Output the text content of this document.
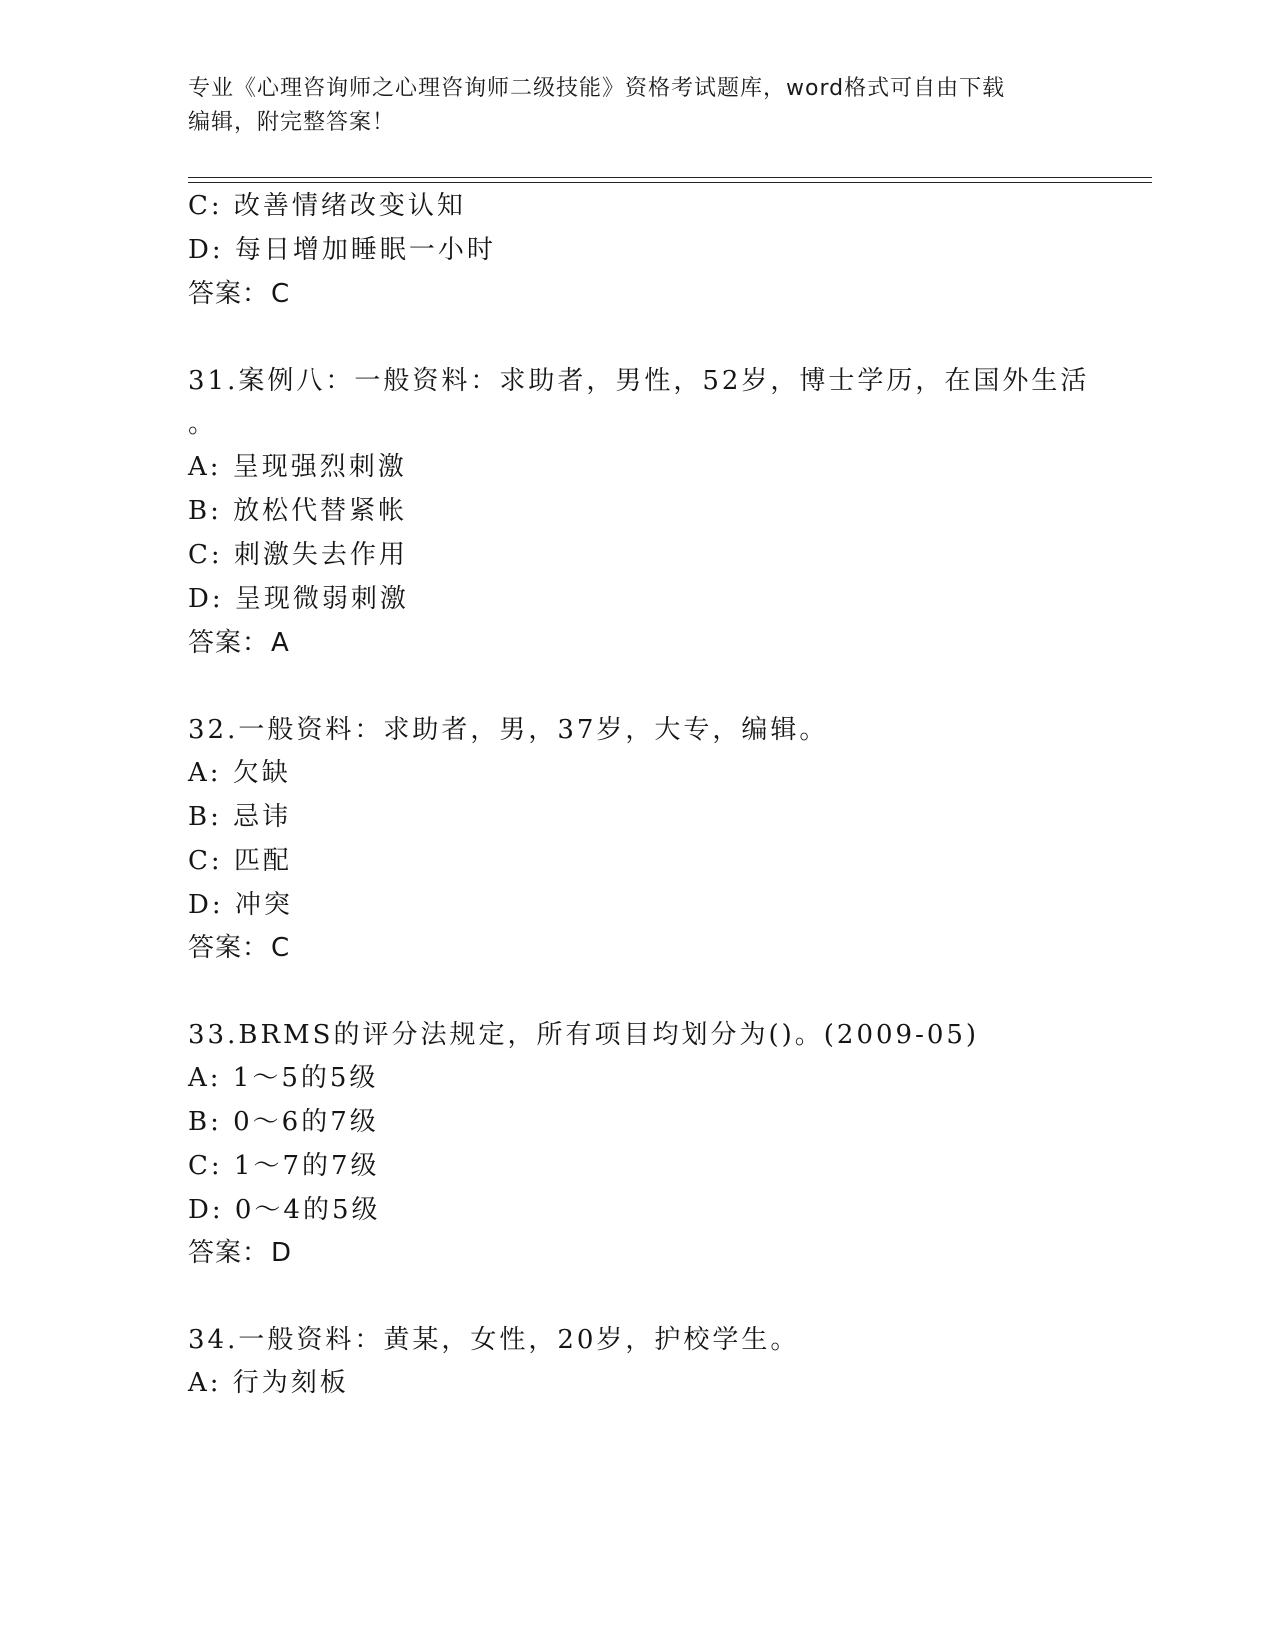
专业《心理咨询师之心理咨询师二级技能》资格考试题库，word格式可自由下载
编辑，附完整答案！
C: 改善情绪改变认知
D: 每日增加睡眠一小时
答案：C
31.案例八：一般资料：求助者，男性，52岁，博士学历，在国外生活
。
A: 呈现强烈刺激
B: 放松代替紧帐
C: 刺激失去作用
D: 呈现微弱刺激
答案：A
32.一般资料：求助者，男，37岁，大专，编辑。
A: 欠缺
B: 忌讳
C: 匹配
D: 冲突
答案：C
33.BRMS的评分法规定，所有项目均划分为()。(2009-05)
A: 1～5的5级
B: 0～6的7级
C: 1～7的7级
D: 0～4的5级
答案：D
34.一般资料：黄某，女性，20岁，护校学生。
A: 行为刻板
